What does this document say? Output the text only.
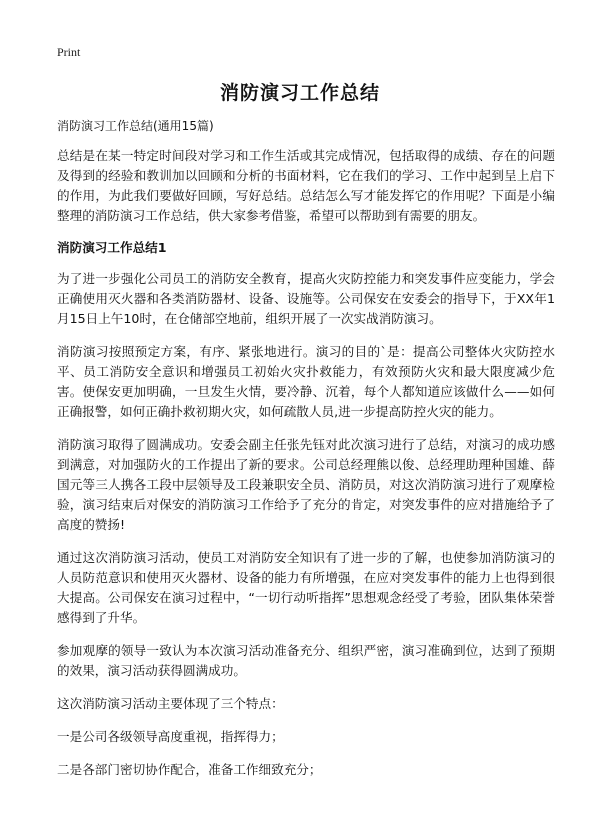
Print
消防演习工作总结

消防演习工作总结(通用15篇)

总结是在某一特定时间段对学习和工作生活或其完成情况，包括取得的成绩、存在的问题及得到的经验和教训加以回顾和分析的书面材料，它在我们的学习、工作中起到呈上启下的作用，为此我们要做好回顾，写好总结。总结怎么写才能发挥它的作用呢？下面是小编整理的消防演习工作总结，供大家参考借鉴，希望可以帮助到有需要的朋友。

消防演习工作总结1

为了进一步强化公司员工的消防安全教育，提高火灾防控能力和突发事件应变能力，学会正确使用灭火器和各类消防器材、设备、设施等。公司保安在安委会的指导下，于XX年1月15日上午10时，在仓储部空地前，组织开展了一次实战消防演习。

消防演习按照预定方案，有序、紧张地进行。演习的目的`是：提高公司整体火灾防控水平、员工消防安全意识和增强员工初始火灾扑救能力，有效预防火灾和最大限度减少危害。使保安更加明确，一旦发生火情，要冷静、沉着，每个人都知道应该做什么——如何正确报警，如何正确扑救初期火灾，如何疏散人员,进一步提高防控火灾的能力。

消防演习取得了圆满成功。安委会副主任张先钰对此次演习进行了总结，对演习的成功感到满意，对加强防火的工作提出了新的要求。公司总经理熊以俊、总经理助理种国雄、薛国元等三人携各工段中层领导及工段兼职安全员、消防员，对这次消防演习进行了观摩检验，演习结束后对保安的消防演习工作给予了充分的肯定，对突发事件的应对措施给予了高度的赞扬!

通过这次消防演习活动，使员工对消防安全知识有了进一步的了解，也使参加消防演习的人员防范意识和使用灭火器材、设备的能力有所增强，在应对突发事件的能力上也得到很大提高。公司保安在演习过程中，“一切行动听指挥”思想观念经受了考验，团队集体荣誉感得到了升华。

参加观摩的领导一致认为本次演习活动准备充分、组织严密，演习准确到位，达到了预期的效果，演习活动获得圆满成功。

这次消防演习活动主要体现了三个特点：

一是公司各级领导高度重视，指挥得力；

二是各部门密切协作配合，准备工作细致充分；
